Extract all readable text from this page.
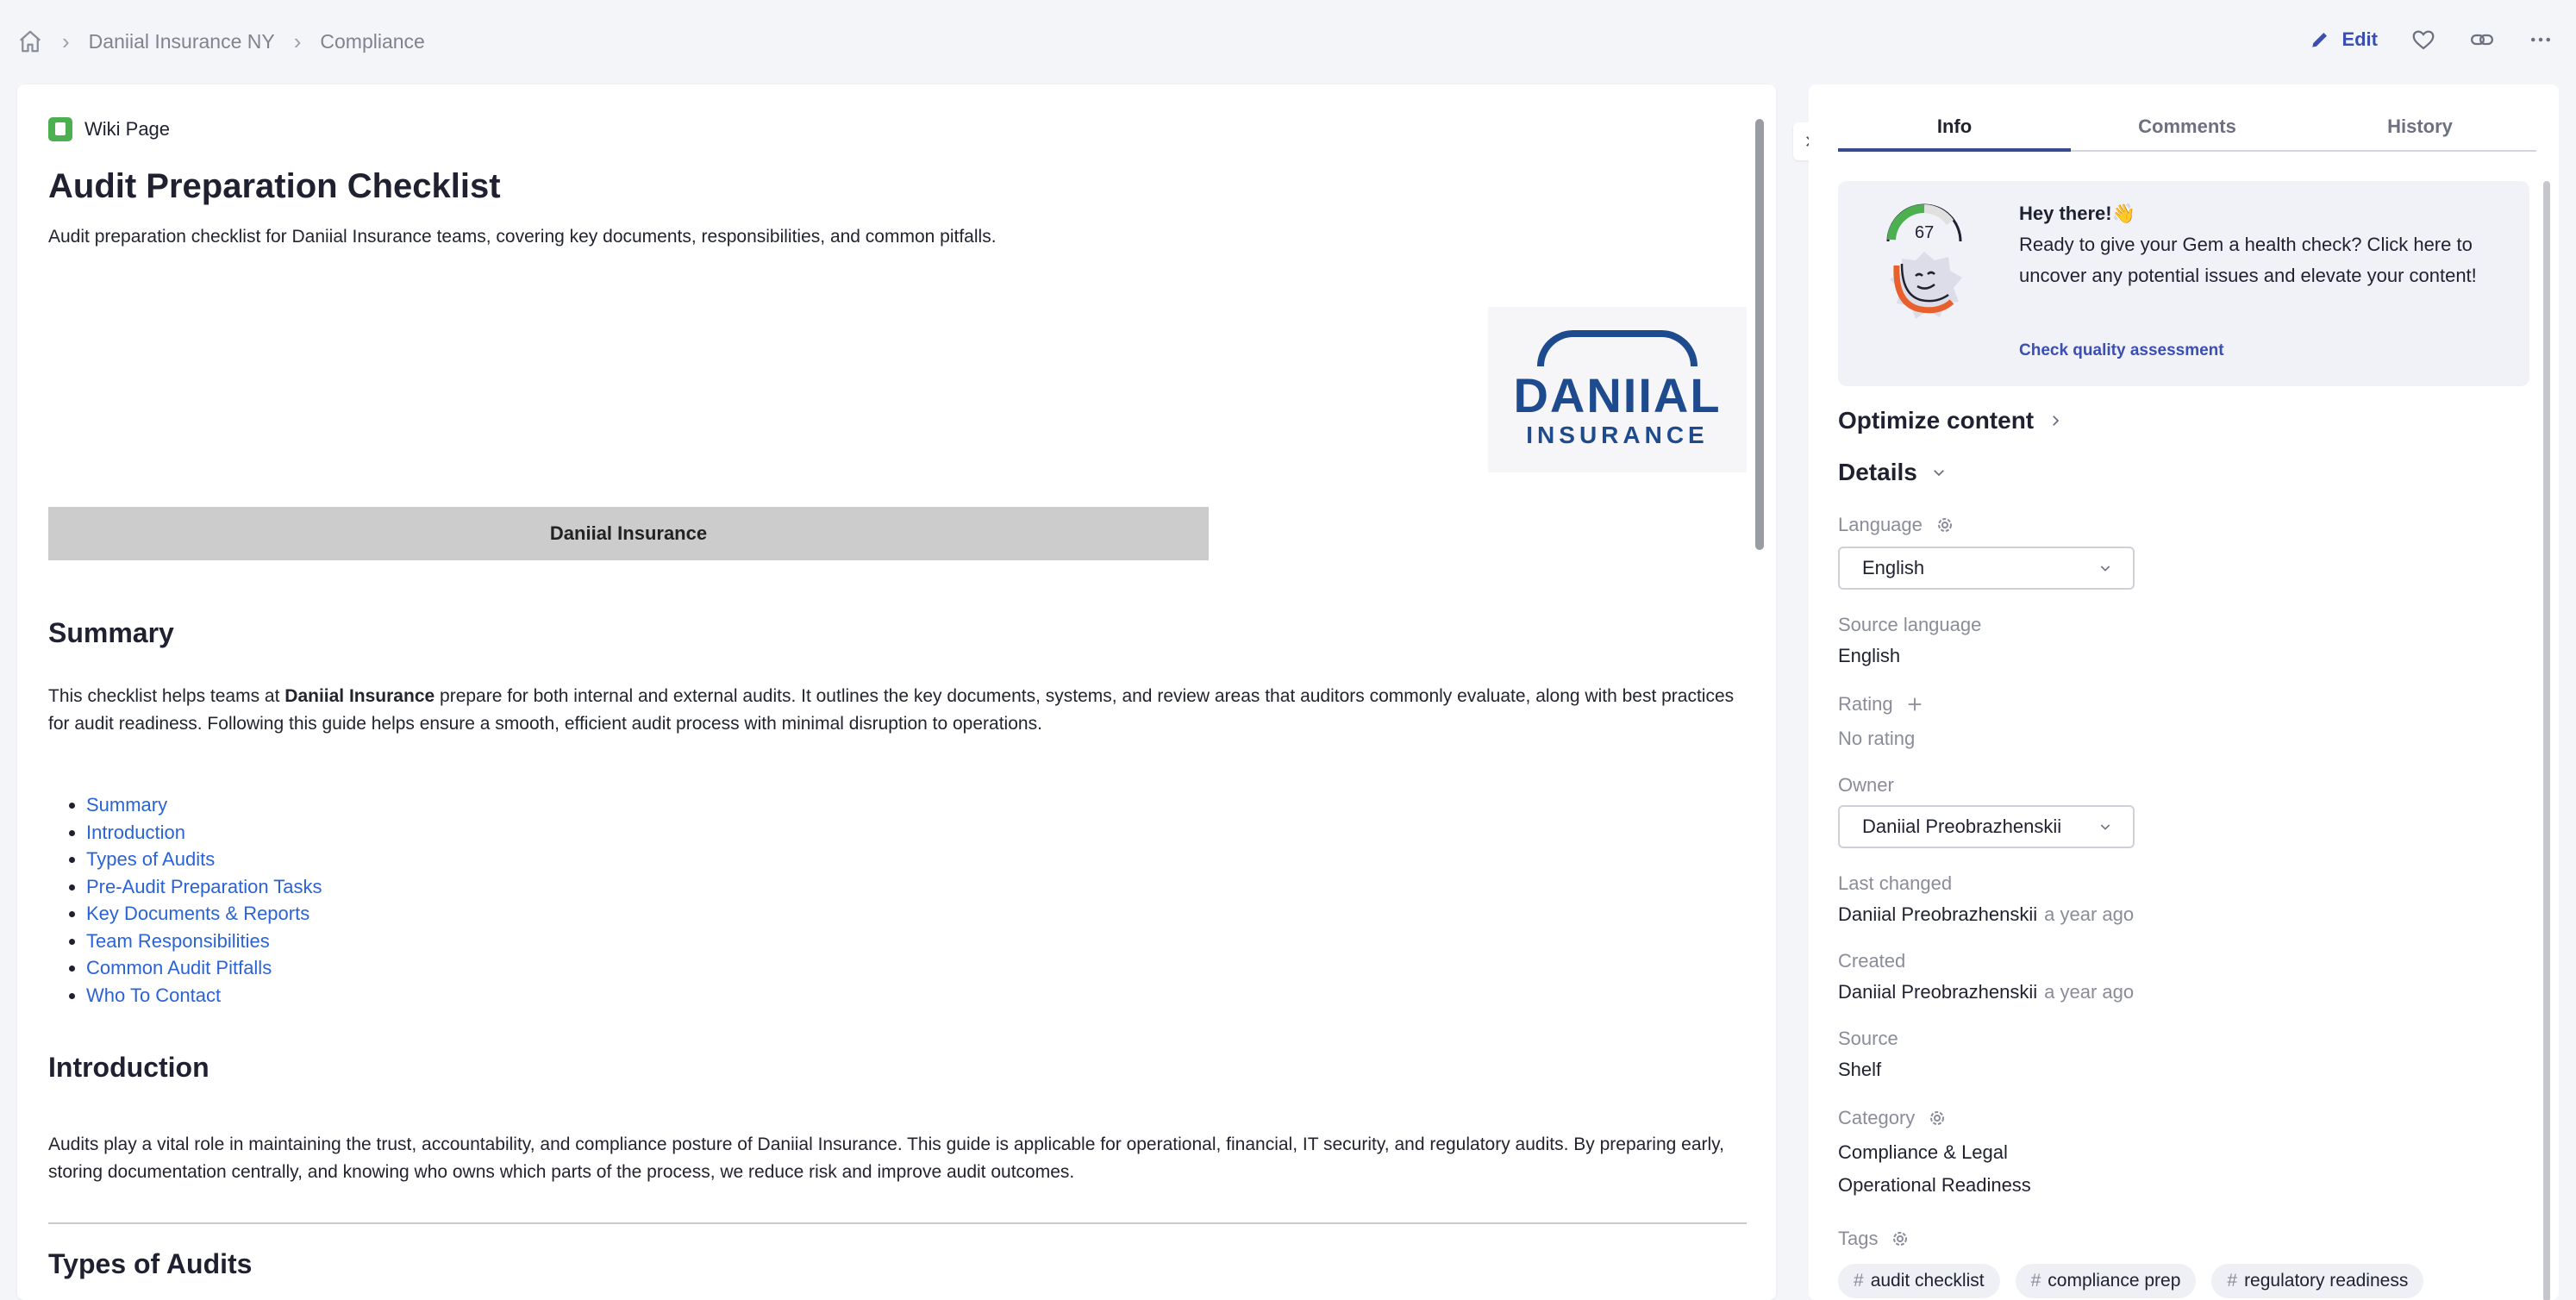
› Daniial Insurance NY › Compliance	Edit
Wiki Page
Audit Preparation Checklist
Audit preparation checklist for Daniial Insurance teams, covering key documents, responsibilities, and common pitfalls.
DANIIAL
INSURANCE
Daniial Insurance
Summary
This checklist helps teams at Daniial Insurance prepare for both internal and external audits. It outlines the key documents, systems, and review areas that auditors commonly evaluate, along with best practices for audit readiness. Following this guide helps ensure a smooth, efficient audit process with minimal disruption to operations.
• Summary
• Introduction
• Types of Audits
• Pre-Audit Preparation Tasks
• Key Documents & Reports
• Team Responsibilities
• Common Audit Pitfalls
• Who To Contact
Introduction
Audits play a vital role in maintaining the trust, accountability, and compliance posture of Daniial Insurance. This guide is applicable for operational, financial, IT security, and regulatory audits. By preparing early, storing documentation centrally, and knowing who owns which parts of the process, we reduce risk and improve audit outcomes.
Types of Audits
Info	Comments	History
67
Hey there!👋
Ready to give your Gem a health check? Click here to uncover any potential issues and elevate your content!
Check quality assessment
Optimize content
Details
Language
English
Source language
English
Rating
No rating
Owner
Daniial Preobrazhenskii
Last changed
Daniial Preobrazhenskii a year ago
Created
Daniial Preobrazhenskii a year ago
Source
Shelf
Category
Compliance & Legal
Operational Readiness
Tags
# audit checklist	# compliance prep	# regulatory readiness
